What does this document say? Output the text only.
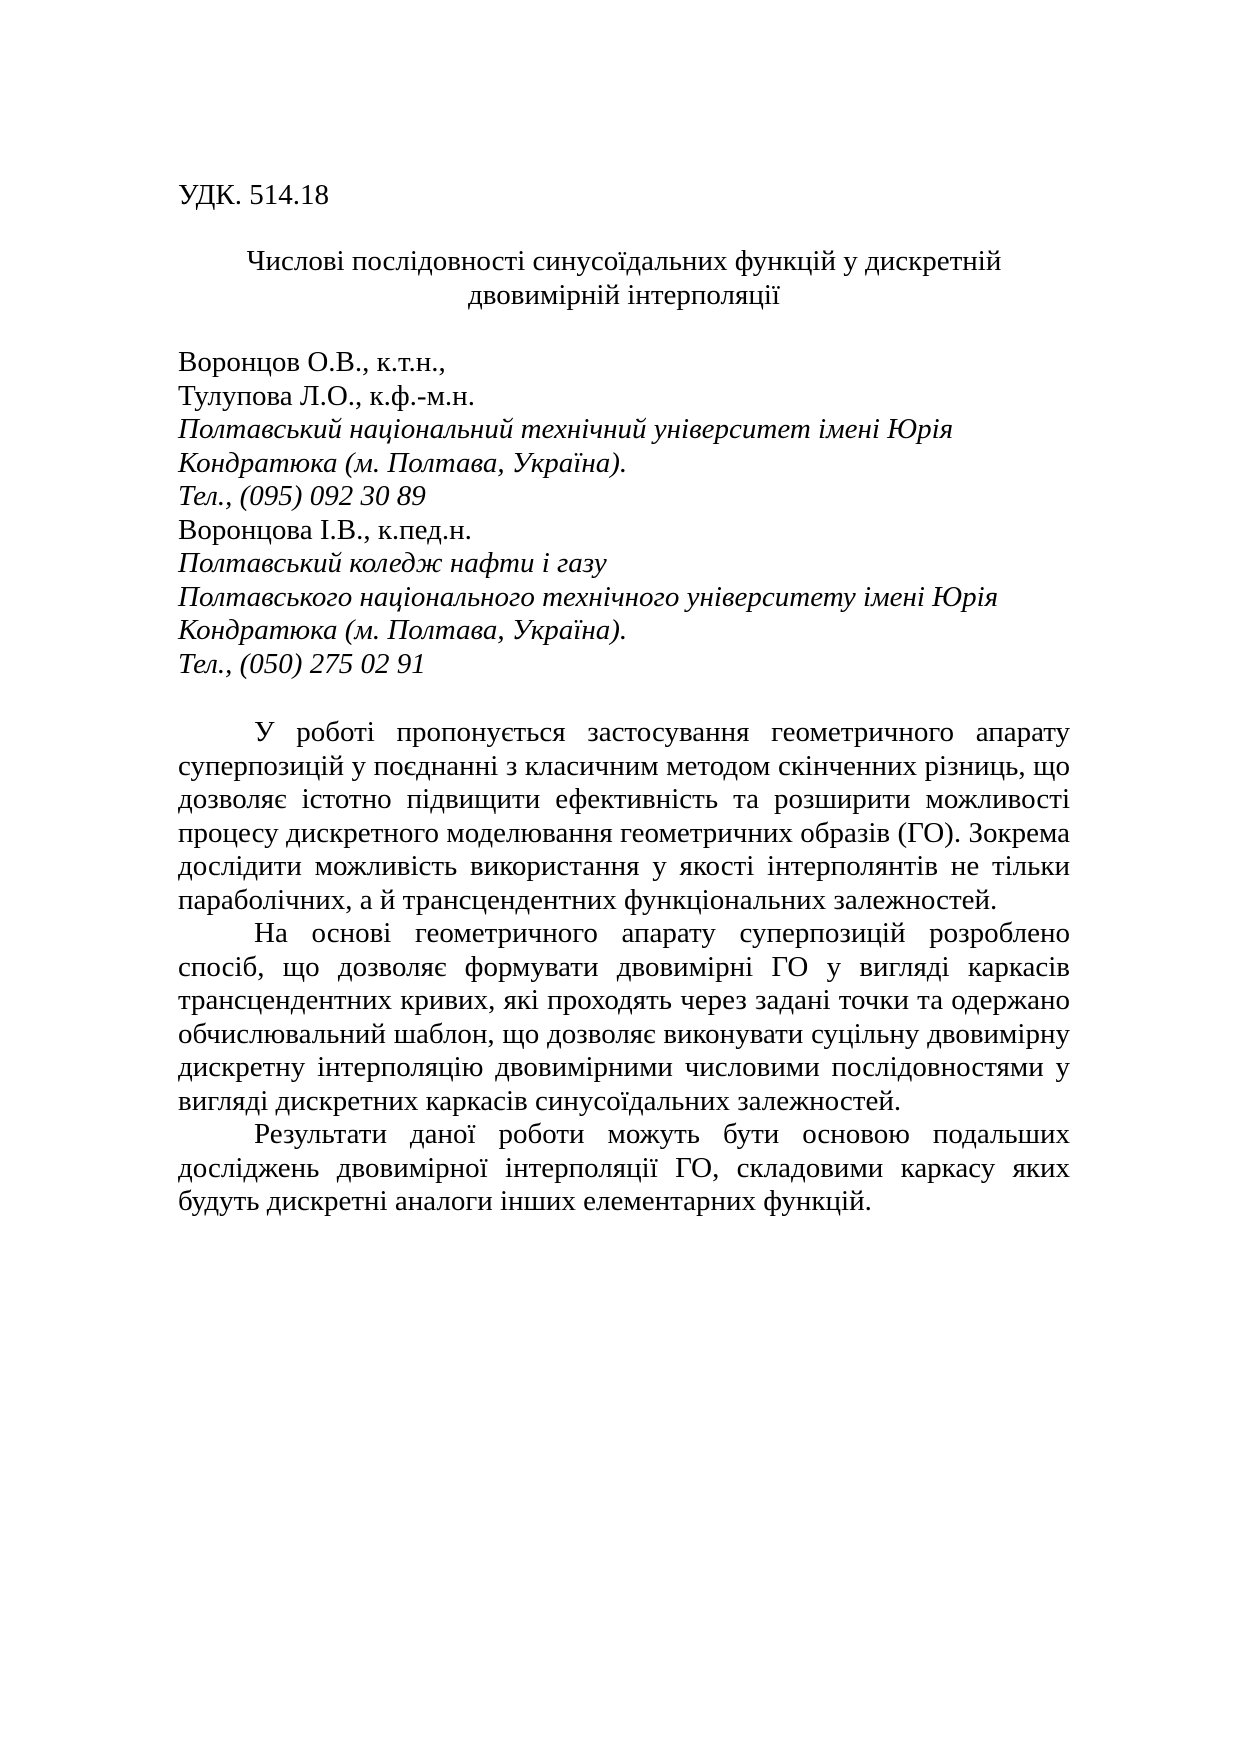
УДК. 514.18
Числові послідовності синусоїдальних функцій у дискретній
двовимірній інтерполяції
Воронцов О.В., к.т.н.,
Тулупова Л.О., к.ф.-м.н.
Полтавський національний технічний університет імені Юрія
Кондратюка (м. Полтава, Україна).
Тел., (095) 092 30 89
Воронцова І.В., к.пед.н.
Полтавський коледж нафти і газу
Полтавського національного технічного університету імені Юрія
Кондратюка (м. Полтава, Україна).
Тел., (050) 275 02 91

У роботі пропонується застосування геометричного апарату суперпозицій у поєднанні з класичним методом скінченних різниць, що дозволяє істотно підвищити ефективність та розширити можливості процесу дискретного моделювання геометричних образів (ГО). Зокрема дослідити можливість використання у якості інтерполянтів не тільки параболічних, а й трансцендентних функціональних залежностей.

На основі геометричного апарату суперпозицій розроблено спосіб, що дозволяє формувати двовимірні ГО у вигляді каркасів трансцендентних кривих, які проходять через задані точки та одержано обчислювальний шаблон, що дозволяє виконувати суцільну двовимірну дискретну інтерполяцію двовимірними числовими послідовностями у вигляді дискретних каркасів синусоїдальних залежностей.

Результати даної роботи можуть бути основою подальших досліджень двовимірної інтерполяції ГО, складовими каркасу яких будуть дискретні аналоги інших елементарних функцій.
